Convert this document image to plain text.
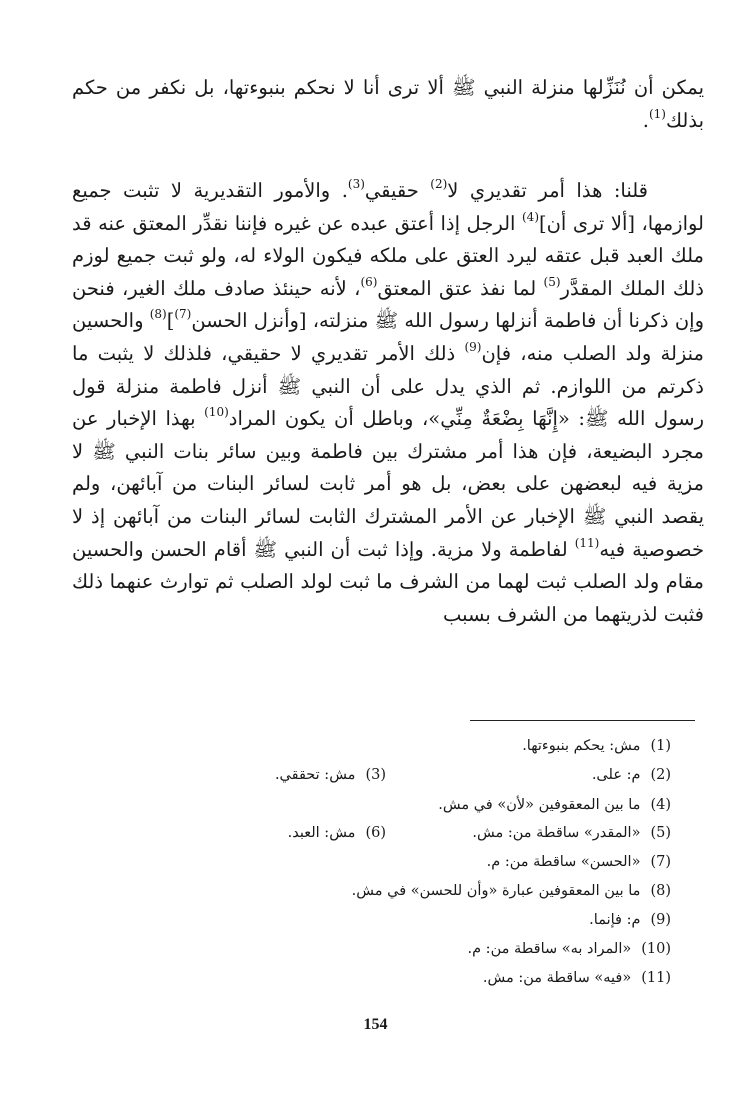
يمكن أن نُنَزِّلها منزلة النبي ﷺ ألا ترى أنا لا نحكم بنبوءتها، بل نكفر من حكم بذلك$^{(1)}$.

قلنا: هذا أمر تقديري لا$^{(2)}$ حقيقي$^{(3)}$. والأمور التقديرية لا تثبت جميع لوازمها، [ألا ترى أن]$^{(4)}$ الرجل إذا أعتق عبده عن غيره فإننا نقدِّر المعتق عنه قد ملك العبد قبل عتقه ليرد العتق على ملكه فيكون الولاء له، ولو ثبت جميع لوزم ذلك الملك المقدَّر$^{(5)}$ لما نفذ عتق المعتق$^{(6)}$، لأنه حينئذ صادف ملك الغير، فنحن وإن ذكرنا أن فاطمة أنزلها رسول الله ﷺ منزلته، [وأنزل الحسن$^{(7)}$]$^{(8)}$ والحسين منزلة ولد الصلب منه، فإن$^{(9)}$ ذلك الأمر تقديري لا حقيقي، فلذلك لا يثبت ما ذكرتم من اللوازم. ثم الذي يدل على أن النبي ﷺ أنزل فاطمة منزلة قول رسول الله ﷺ: «إِنَّهَا بِضْعَةٌ مِنِّي»، وباطل أن يكون المراد$^{(10)}$ بهذا الإخبار عن مجرد البضيعة، فإن هذا أمر مشترك بين فاطمة وبين سائر بنات النبي ﷺ لا مزية فيه لبعضهن على بعض، بل هو أمر ثابت لسائر البنات من آبائهن، ولم يقصد النبي ﷺ الإخبار عن الأمر المشترك الثابت لسائر البنات من آبائهن إذ لا خصوصية فيه$^{(11)}$ لفاطمة ولا مزية. وإذا ثبت أن النبي ﷺ أقام الحسن والحسين مقام ولد الصلب ثبت لهما من الشرف ما ثبت لولد الصلب ثم توارث عنهما ذلك فثبت لذريتهما من الشرف بسبب

(1)مش: يحكم بنبوءتها.

(2)م: على.

(3)مش: تحققي.

(4)ما بين المعقوفين «لأن» في مش.

(5)«المقدر» ساقطة من: مش.

(6)مش: العبد.

(7)«الحسن» ساقطة من: م.

(8)ما بين المعقوفين عبارة «وأن للحسن» في مش.

(9)م: فإنما.

(10)«المراد به» ساقطة من: م.

(11)«فيه» ساقطة من: مش.

154
